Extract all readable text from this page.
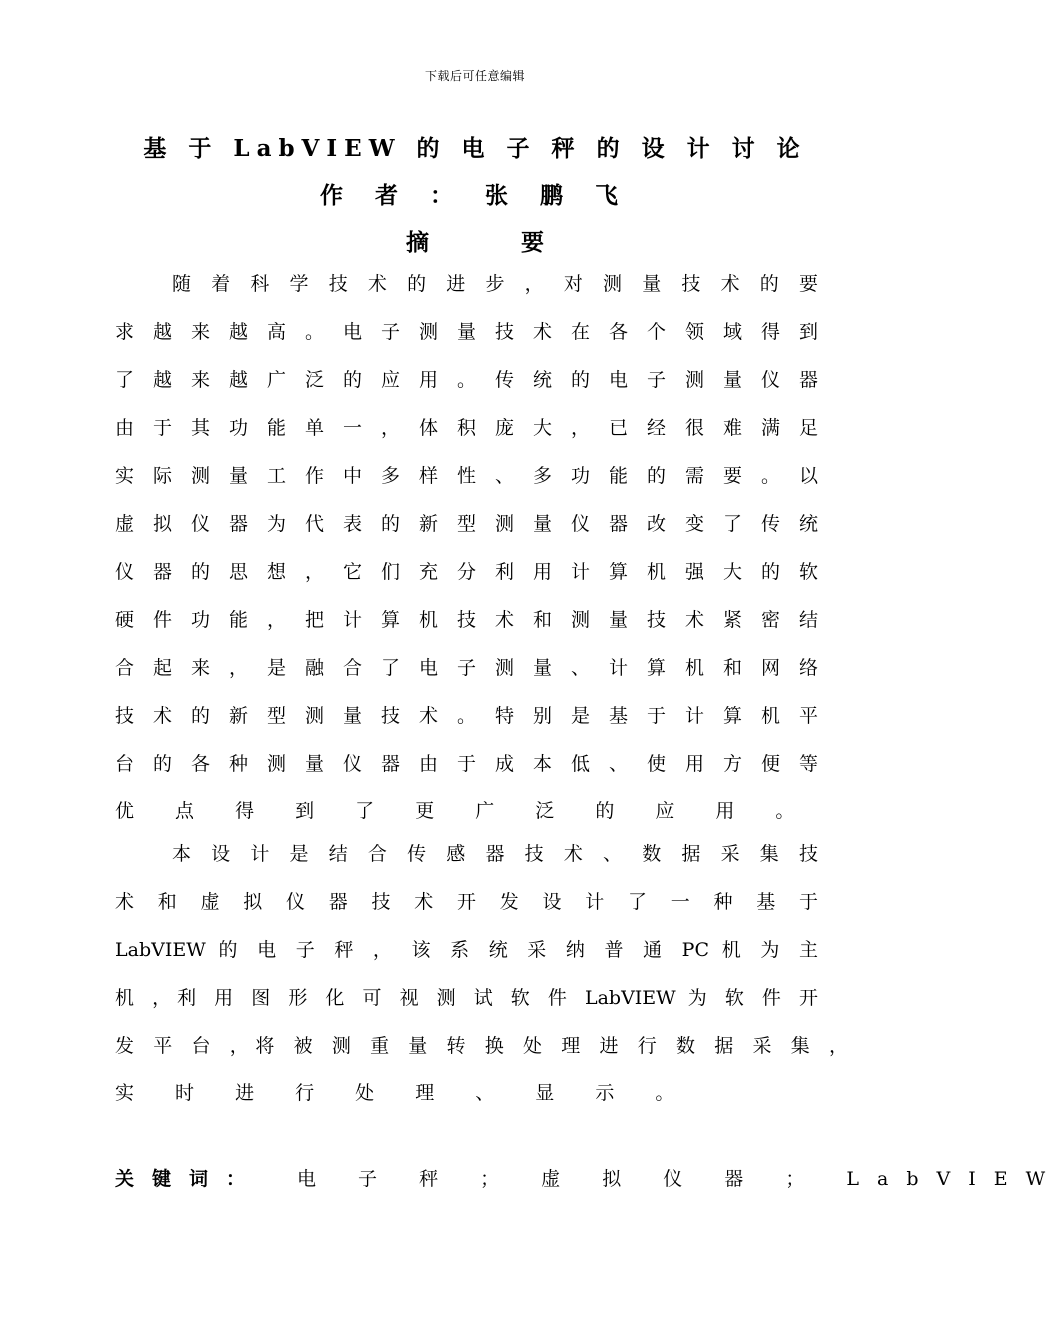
下载后可任意编辑
基 于 LabVIEW 的 电 子 秤 的 设 计 讨 论
作 者 ： 张 鹏 飞
摘 要
随 着 科 学 技 术 的 进 步 ， 对 测 量 技 术 的 要
求 越 来 越 高 。 电 子 测 量 技 术 在 各 个 领 域 得 到
了 越 来 越 广 泛 的 应 用 。 传 统 的 电 子 测 量 仪 器
由 于 其 功 能 单 一 ， 体 积 庞 大 ， 已 经 很 难 满 足
实 际 测 量 工 作 中 多 样 性 、 多 功 能 的 需 要 。 以
虚 拟 仪 器 为 代 表 的 新 型 测 量 仪 器 改 变 了 传 统
仪 器 的 思 想 ， 它 们 充 分 利 用 计 算 机 强 大 的 软
硬 件 功 能 ， 把 计 算 机 技 术 和 测 量 技 术 紧 密 结
合 起 来 ， 是 融 合 了 电 子 测 量 、 计 算 机 和 网 络
技 术 的 新 型 测 量 技 术 。 特 别 是 基 于 计 算 机 平
台 的 各 种 测 量 仪 器 由 于 成 本 低 、 使 用 方 便 等
优 点 得 到 了 更 广 泛 的 应 用 。
本 设 计 是 结 合 传 感 器 技 术 、 数 据 采 集 技
术 和 虚 拟 仪 器 技 术 开 发 设 计 了 一 种 基 于
LabVIEW 的 电 子 秤 ， 该 系 统 采 纳 普 通 PC 机 为 主
机 ，利 用 图 形 化 可 视 测 试 软 件 LabVIEW 为 软 件 开
发 平 台 ，将 被 测 重 量 转 换 处 理 进 行 数 据 采 集 ，
实 时 进 行 处 理 、 显 示 。
关键词： 电 子 秤 ； 虚 拟 仪 器 ； LabVIEW
